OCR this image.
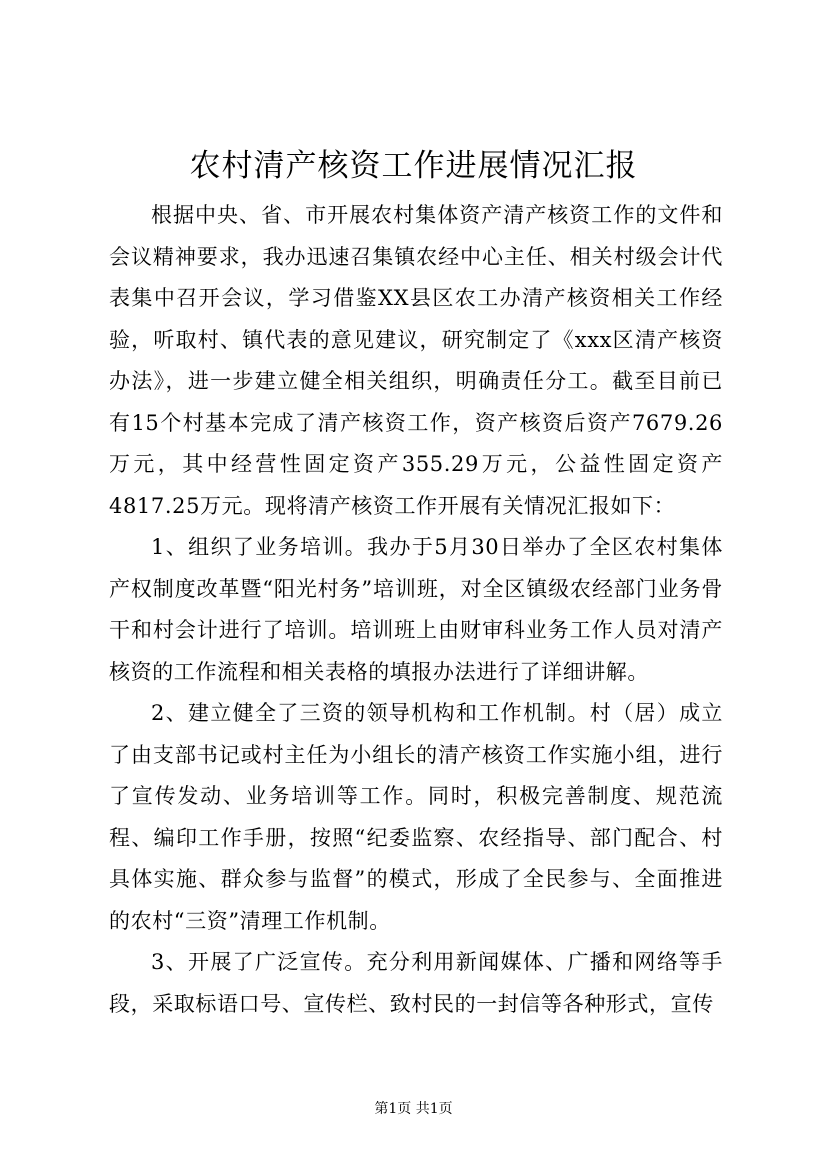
农村清产核资工作进展情况汇报

根据中央、省、市开展农村集体资产清产核资工作的文件和会议精神要求，我办迅速召集镇农经中心主任、相关村级会计代表集中召开会议，学习借鉴XX县区农工办清产核资相关工作经验，听取村、镇代表的意见建议，研究制定了《xxx区清产核资办法》，进一步建立健全相关组织，明确责任分工。截至目前已有15个村基本完成了清产核资工作，资产核资后资产7679.26万元，其中经营性固定资产355.29万元，公益性固定资产4817.25万元。现将清产核资工作开展有关情况汇报如下：

1、组织了业务培训。我办于5月30日举办了全区农村集体产权制度改革暨“阳光村务”培训班，对全区镇级农经部门业务骨干和村会计进行了培训。培训班上由财审科业务工作人员对清产核资的工作流程和相关表格的填报办法进行了详细讲解。

2、建立健全了三资的领导机构和工作机制。村（居）成立了由支部书记或村主任为小组长的清产核资工作实施小组，进行了宣传发动、业务培训等工作。同时，积极完善制度、规范流程、编印工作手册，按照“纪委监察、农经指导、部门配合、村具体实施、群众参与监督”的模式，形成了全民参与、全面推进的农村“三资”清理工作机制。

3、开展了广泛宣传。充分利用新闻媒体、广播和网络等手段，采取标语口号、宣传栏、致村民的一封信等各种形式，宣传

第1页 共1页
